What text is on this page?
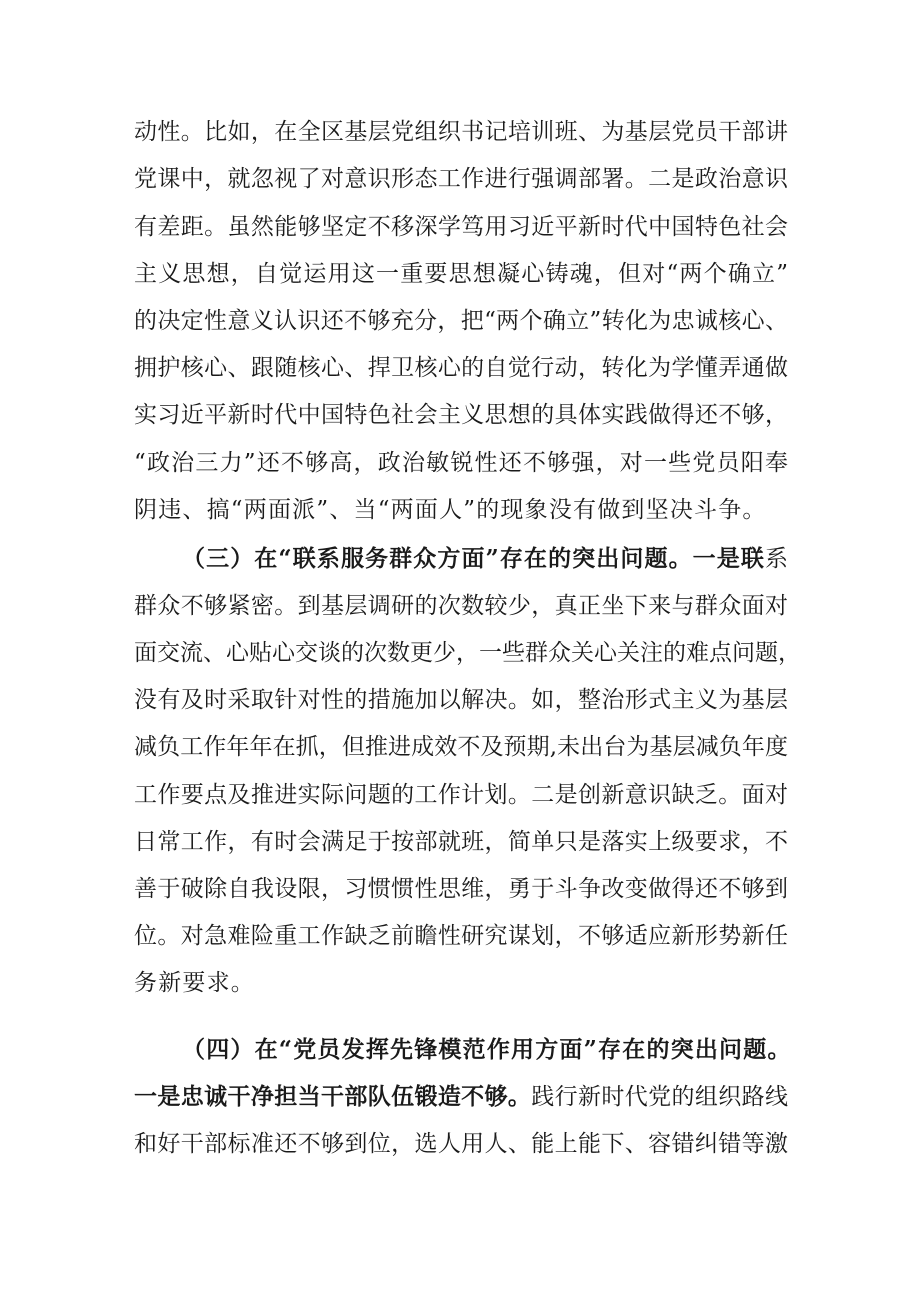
动性。比如，在全区基层党组织书记培训班、为基层党员干部讲
党课中，就忽视了对意识形态工作进行强调部署。二是政治意识
有差距。虽然能够坚定不移深学笃用习近平新时代中国特色社会
主义思想，自觉运用这一重要思想凝心铸魂，但对“两个确立”
的决定性意义认识还不够充分，把“两个确立”转化为忠诚核心、
拥护核心、跟随核心、捍卫核心的自觉行动，转化为学懂弄通做
实习近平新时代中国特色社会主义思想的具体实践做得还不够，
“政治三力”还不够高，政治敏锐性还不够强，对一些党员阳奉
阴违、搞“两面派”、当“两面人”的现象没有做到坚决斗争。
（三）在“联系服务群众方面”存在的突出问题。一是联系
群众不够紧密。到基层调研的次数较少，真正坐下来与群众面对
面交流、心贴心交谈的次数更少，一些群众关心关注的难点问题，
没有及时采取针对性的措施加以解决。如，整治形式主义为基层
减负工作年年在抓，但推进成效不及预期,未出台为基层减负年度
工作要点及推进实际问题的工作计划。二是创新意识缺乏。面对
日常工作，有时会满足于按部就班，简单只是落实上级要求，不
善于破除自我设限，习惯惯性思维，勇于斗争改变做得还不够到
位。对急难险重工作缺乏前瞻性研究谋划，不够适应新形势新任
务新要求。
（四）在“党员发挥先锋模范作用方面”存在的突出问题。
一是忠诚干净担当干部队伍锻造不够。践行新时代党的组织路线
和好干部标准还不够到位，选人用人、能上能下、容错纠错等激
